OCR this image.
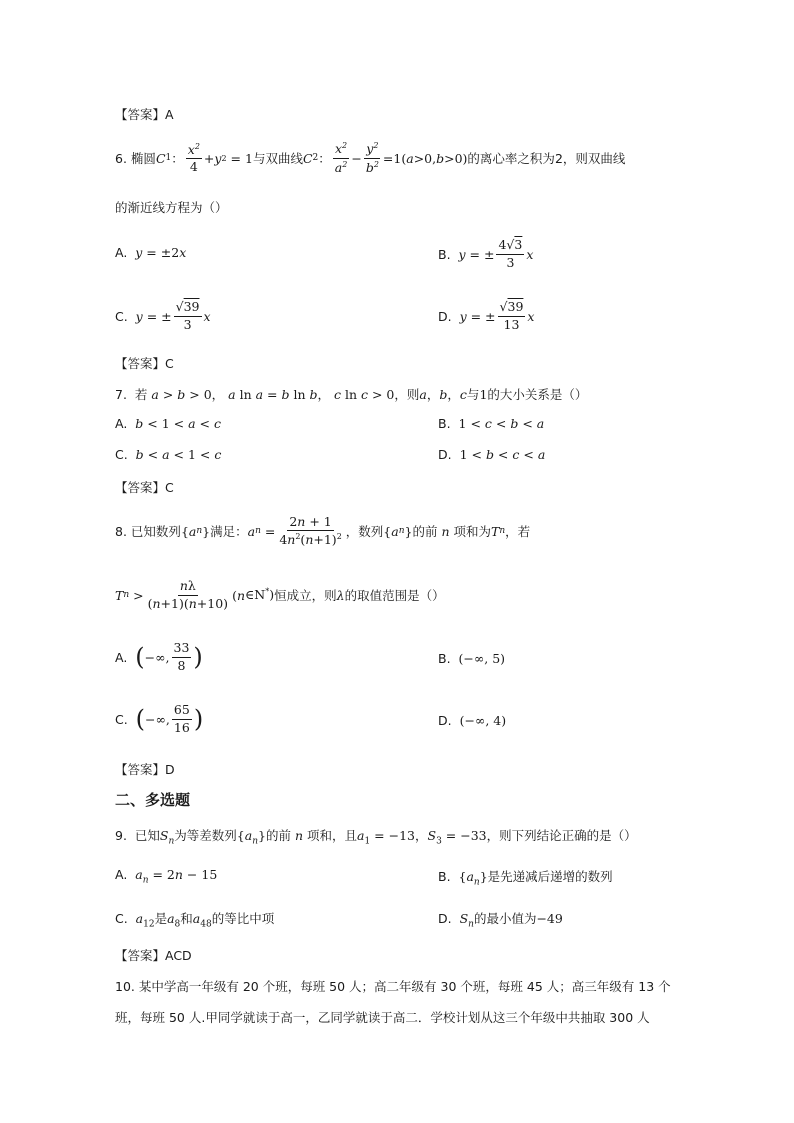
【答案】A
6.
椭圆 C 1 ： $\frac{x^2}{4} + y$ 2 = 1 与双曲线 C 2 ： $\frac{x^2}{a^2} - \frac{y^2}{b^2} =1$( a >0, b >0) 的离心率之积为 2 ，则双曲线
的渐近线方程为（）
A.
y = ±2 x	B.
y = ± $\frac{4√3}{3}$ x
C.
y = ± $\frac{√39}{3}$ x	D.
y = ± $\frac{√39}{13}$ x
【答案】C
7. 若 a > b > 0， a ln a = b ln b， c ln c > 0，则a，b，c与1的大小关系是（）
A. b < 1 < a < c	B. 1 < c < b < a
C. b < a < 1 < c	D. 1 < b < c < a
【答案】C
8.
已知数列 { a n } 满足： a $n = \frac{2n + 1}{4n^2(n+1)^2}$ ，数列 { a n } 的前 n 项和为 T n ，若
T $n > \frac{n\lambda}{(n+1)(n+10)}$ ( n ∈N*) 恒成立，则 λ 的取值范围是（）
A.
( −∞, $\frac{33}{8}$ )	B.
(−∞, 5)
C.
( −∞, $\frac{65}{16}$ )	D.
(−∞, 4)
【答案】D
二、多选题
9. 已知$S_n$为等差数列$\{a_n\}$的前 n 项和，且$a_1 = -13$，$S_3 = -33$，则下列结论正确的是（）
A. $a_n = 2n - 15$	B. $\{a_n\}$是先递减后递增的数列
C. $a_{12}$是$a_8$和$a_{48}$的等比中项	D. $S_n$的最小值为−49
【答案】ACD
10. 某中学高一年级有 20 个班，每班 50 人；高二年级有 30 个班，每班 45 人；高三年级有 13 个
班，每班 50 人.甲同学就读于高一，乙同学就读于高二．学校计划从这三个年级中共抽取 300 人
